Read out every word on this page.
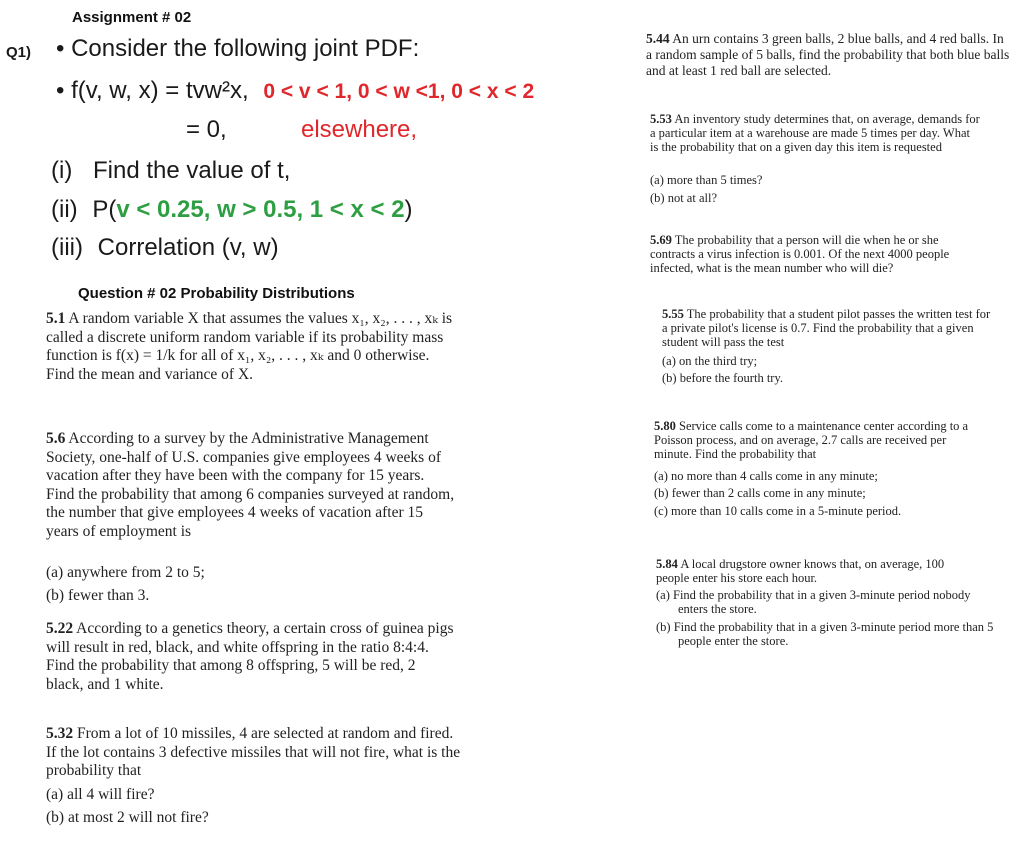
Assignment # 02
Q1) • Consider the following joint PDF:
• f(v, w, x) = tvw²x, 0 < v < 1, 0 < w <1, 0 < x < 2
= 0,	elsewhere,
(i) Find the value of t,
(ii) P(v < 0.25, w > 0.5, 1 < x < 2)
(iii) Correlation (v, w)
Question # 02 Probability Distributions
5.1 A random variable X that assumes the values x₁, x₂, . . . , xₖ is called a discrete uniform random variable if its probability mass function is f(x) = 1/k for all of x₁, x₂, . . . , xₖ and 0 otherwise. Find the mean and variance of X.
5.6 According to a survey by the Administrative Management Society, one-half of U.S. companies give employees 4 weeks of vacation after they have been with the company for 15 years. Find the probability that among 6 companies surveyed at random, the number that give employees 4 weeks of vacation after 15 years of employment is
(a) anywhere from 2 to 5;
(b) fewer than 3.
5.22 According to a genetics theory, a certain cross of guinea pigs will result in red, black, and white offspring in the ratio 8:4:4. Find the probability that among 8 offspring, 5 will be red, 2 black, and 1 white.
5.32 From a lot of 10 missiles, 4 are selected at random and fired. If the lot contains 3 defective missiles that will not fire, what is the probability that
(a) all 4 will fire?
(b) at most 2 will not fire?
5.44 An urn contains 3 green balls, 2 blue balls, and 4 red balls. In a random sample of 5 balls, find the probability that both blue balls and at least 1 red ball are selected.
5.53 An inventory study determines that, on average, demands for a particular item at a warehouse are made 5 times per day. What is the probability that on a given day this item is requested
(a) more than 5 times?
(b) not at all?
5.69 The probability that a person will die when he or she contracts a virus infection is 0.001. Of the next 4000 people infected, what is the mean number who will die?
5.55 The probability that a student pilot passes the written test for a private pilot's license is 0.7. Find the probability that a given student will pass the test
(a) on the third try;
(b) before the fourth try.
5.80 Service calls come to a maintenance center according to a Poisson process, and on average, 2.7 calls are received per minute. Find the probability that
(a) no more than 4 calls come in any minute;
(b) fewer than 2 calls come in any minute;
(c) more than 10 calls come in a 5-minute period.
5.84 A local drugstore owner knows that, on average, 100 people enter his store each hour.
(a) Find the probability that in a given 3-minute period nobody enters the store.
(b) Find the probability that in a given 3-minute period more than 5 people enter the store.
